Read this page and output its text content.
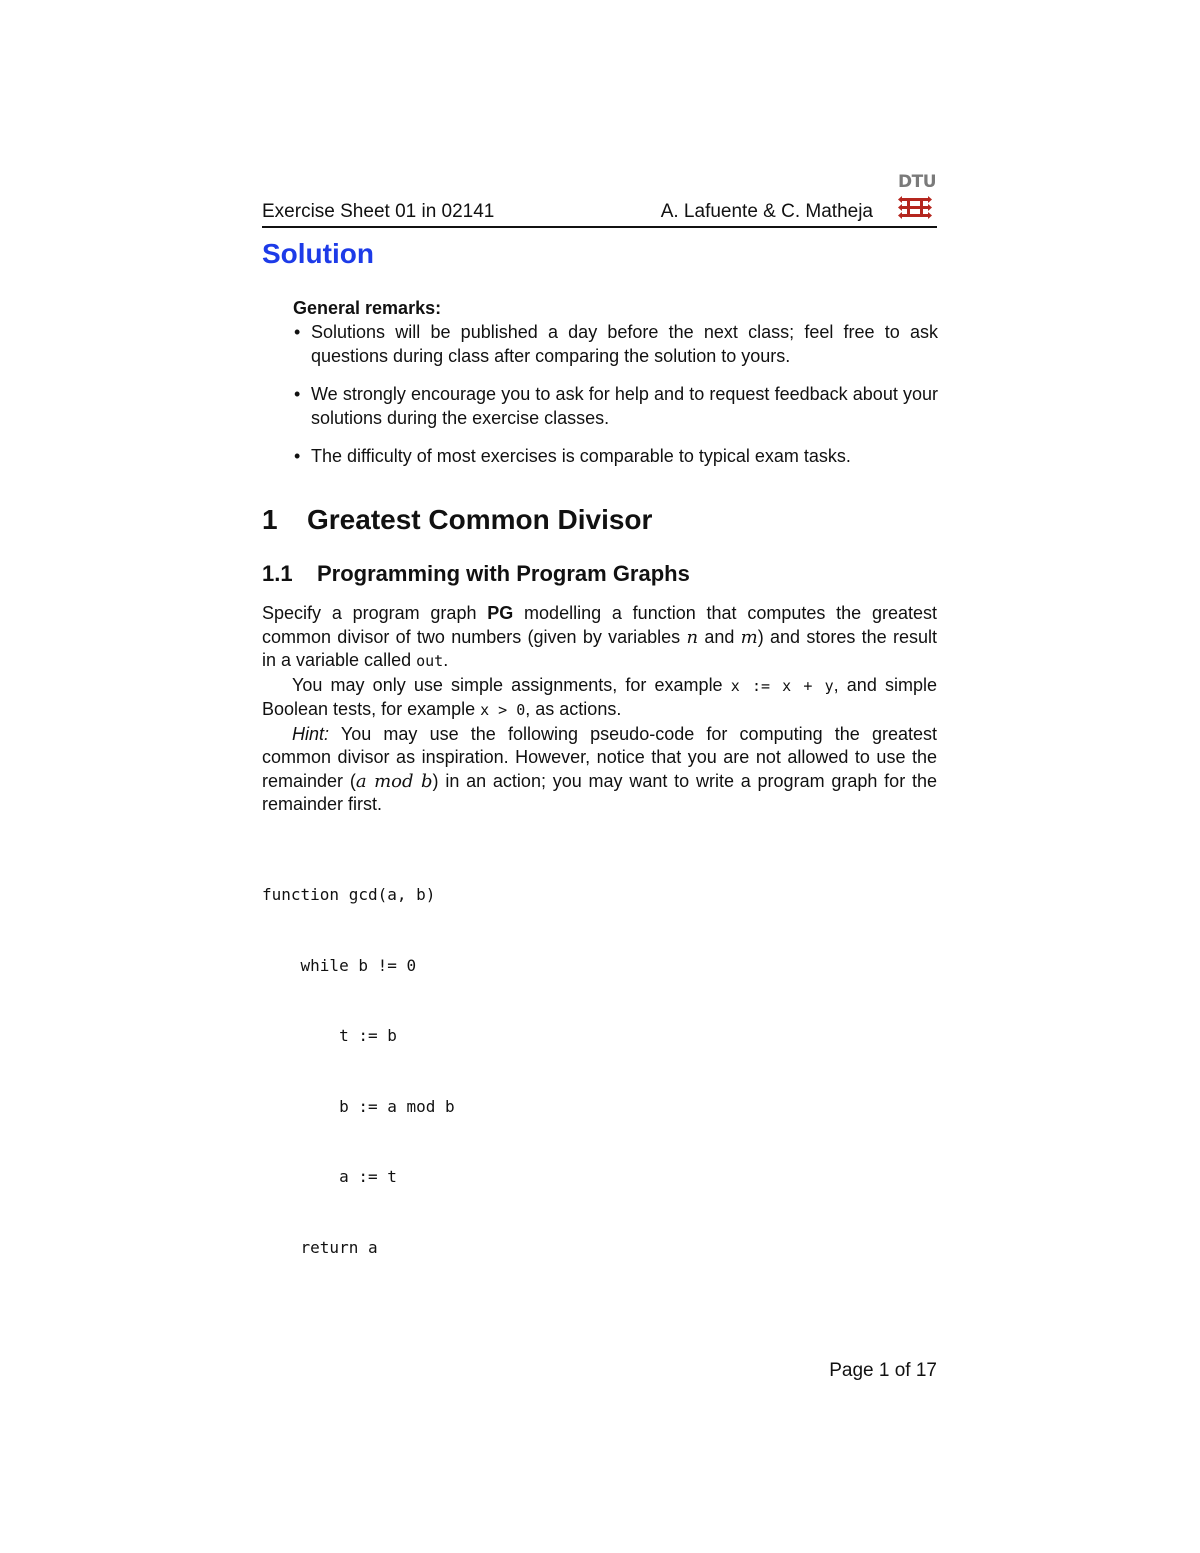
Exercise Sheet 01 in 02141	A. Lafuente & C. Matheja
DTU
Solution

General remarks:

• Solutions will be published a day before the next class; feel free to ask questions during class after comparing the solution to yours.
• We strongly encourage you to ask for help and to request feedback about your solutions during the exercise classes.
• The difficulty of most exercises is comparable to typical exam tasks.
1 Greatest Common Divisor
1.1 Programming with Program Graphs

Specify a program graph PG modelling a function that computes the greatest common divisor of two numbers (given by variables n and m) and stores the result in a variable called out.

You may only use simple assignments, for example x := x + y, and simple Boolean tests, for example x > 0, as actions.

Hint: You may use the following pseudo-code for computing the greatest common divisor as inspiration. However, notice that you are not allowed to use the remainder (a mod b) in an action; you may want to write a program graph for the remainder first.

function gcd(a, b)

while b != 0

t := b

b := a mod b

a := t

return a

Page 1 of 17
